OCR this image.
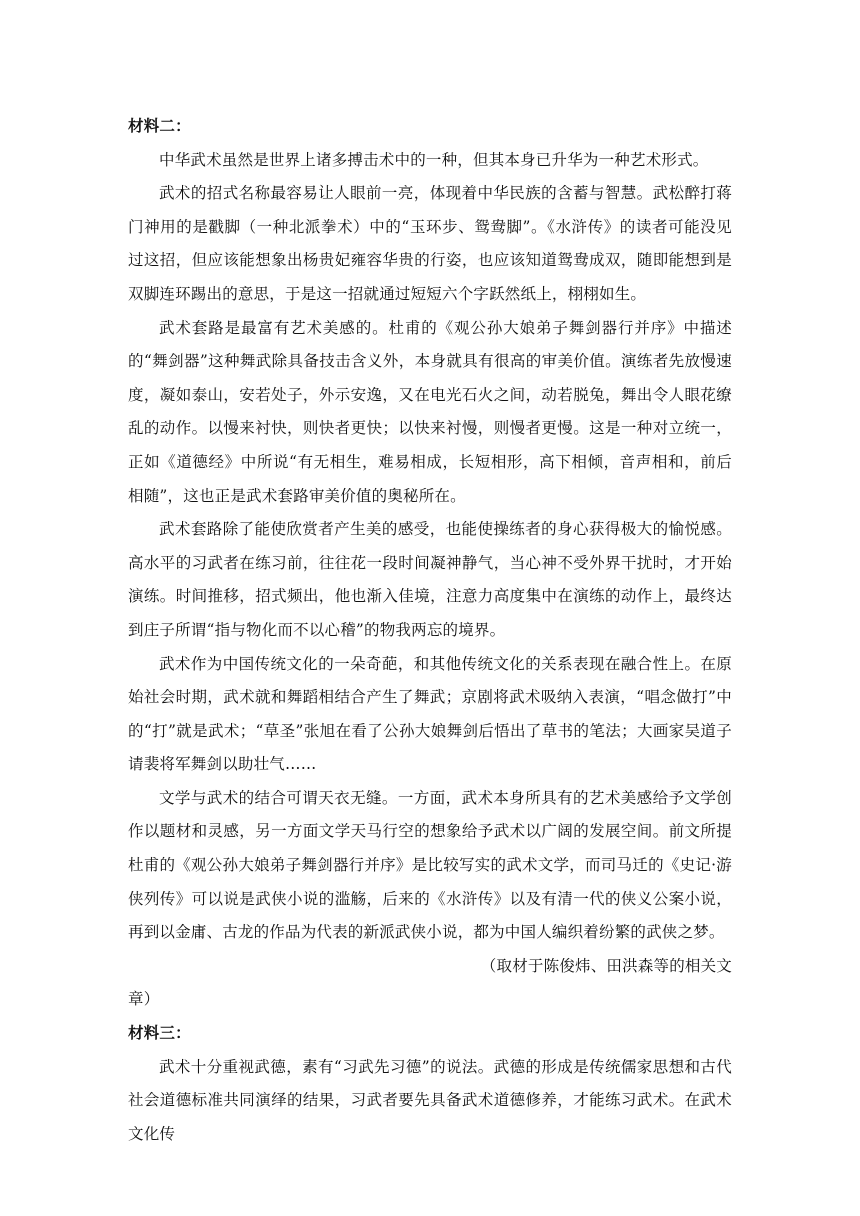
材料二：

中华武术虽然是世界上诸多搏击术中的一种，但其本身已升华为一种艺术形式。

武术的招式名称最容易让人眼前一亮，体现着中华民族的含蓄与智慧。武松醉打蒋门神用的是戳脚（一种北派拳术）中的“玉环步、鸳鸯脚”。《水浒传》的读者可能没见过这招，但应该能想象出杨贵妃雍容华贵的行姿，也应该知道鸳鸯成双，随即能想到是双脚连环踢出的意思，于是这一招就通过短短六个字跃然纸上，栩栩如生。

武术套路是最富有艺术美感的。杜甫的《观公孙大娘弟子舞剑器行并序》中描述的“舞剑器”这种舞武除具备技击含义外，本身就具有很高的审美价值。演练者先放慢速度，凝如泰山，安若处子，外示安逸，又在电光石火之间，动若脱兔，舞出令人眼花缭乱的动作。以慢来衬快，则快者更快；以快来衬慢，则慢者更慢。这是一种对立统一，正如《道德经》中所说“有无相生，难易相成，长短相形，高下相倾，音声相和，前后相随”，这也正是武术套路审美价值的奥秘所在。

武术套路除了能使欣赏者产生美的感受，也能使操练者的身心获得极大的愉悦感。高水平的习武者在练习前，往往花一段时间凝神静气，当心神不受外界干扰时，才开始演练。时间推移，招式频出，他也渐入佳境，注意力高度集中在演练的动作上，最终达到庄子所谓“指与物化而不以心稽”的物我两忘的境界。

武术作为中国传统文化的一朵奇葩，和其他传统文化的关系表现在融合性上。在原始社会时期，武术就和舞蹈相结合产生了舞武；京剧将武术吸纳入表演，“唱念做打”中的“打”就是武术；“草圣”张旭在看了公孙大娘舞剑后悟出了草书的笔法；大画家吴道子请裴将军舞剑以助壮气……

文学与武术的结合可谓天衣无缝。一方面，武术本身所具有的艺术美感给予文学创作以题材和灵感，另一方面文学天马行空的想象给予武术以广阔的发展空间。前文所提杜甫的《观公孙大娘弟子舞剑器行并序》是比较写实的武术文学，而司马迁的《史记·游侠列传》可以说是武侠小说的滥觞，后来的《水浒传》以及有清一代的侠义公案小说，再到以金庸、古龙的作品为代表的新派武侠小说，都为中国人编织着纷繁的武侠之梦。

（取材于陈俊炜、田洪森等的相关文
章）

材料三：

武术十分重视武德，素有“习武先习德”的说法。武德的形成是传统儒家思想和古代社会道德标准共同演绎的结果，习武者要先具备武术道德修养，才能练习武术。在武术文化传
